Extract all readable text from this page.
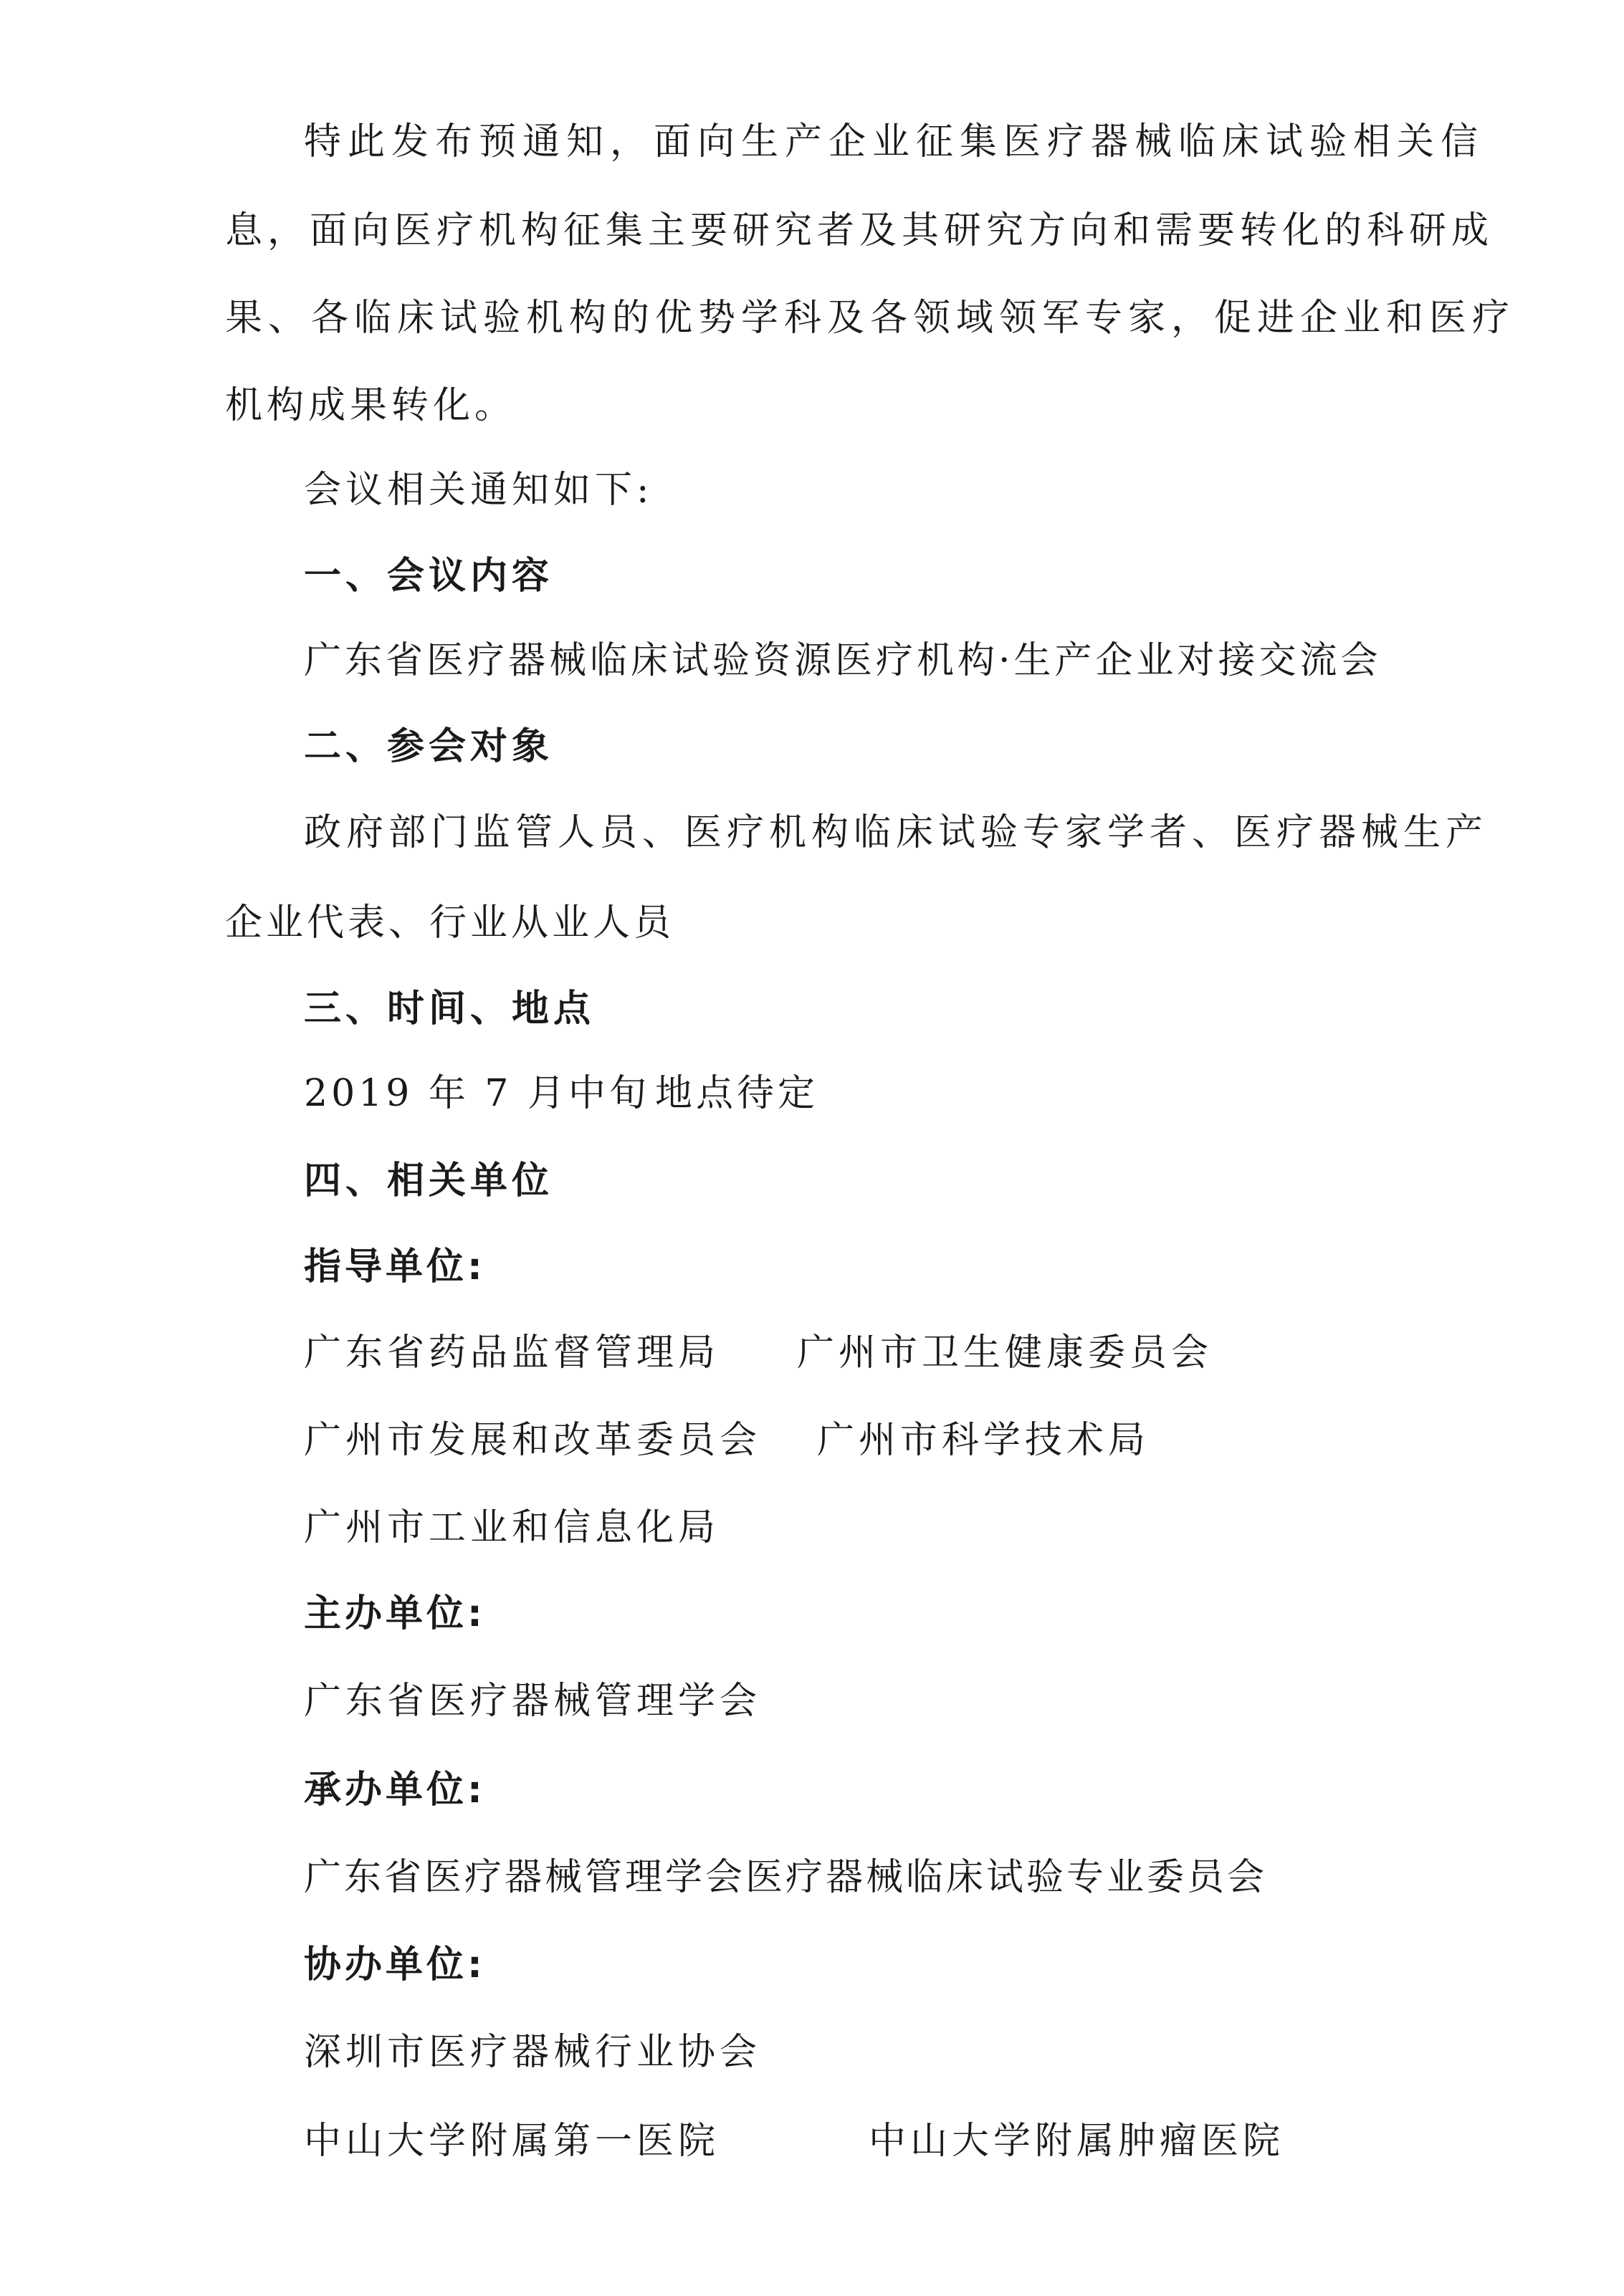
特此发布预通知，面向生产企业征集医疗器械临床试验相关信
息，面向医疗机构征集主要研究者及其研究方向和需要转化的科研成
果、各临床试验机构的优势学科及各领域领军专家，促进企业和医疗
机构成果转化。
会议相关通知如下:
一、会议内容
广东省医疗器械临床试验资源医疗机构·生产企业对接交流会
二、参会对象
政府部门监管人员、医疗机构临床试验专家学者、医疗器械生产
企业代表、行业从业人员
三、时间、地点
2019 年 7 月中旬 地点待定
四、相关单位
指导单位:
广东省药品监督管理局 广州市卫生健康委员会
广州市发展和改革委员会 广州市科学技术局
广州市工业和信息化局
主办单位:
广东省医疗器械管理学会
承办单位:
广东省医疗器械管理学会医疗器械临床试验专业委员会
协办单位:
深圳市医疗器械行业协会
中山大学附属第一医院	中山大学附属肿瘤医院
